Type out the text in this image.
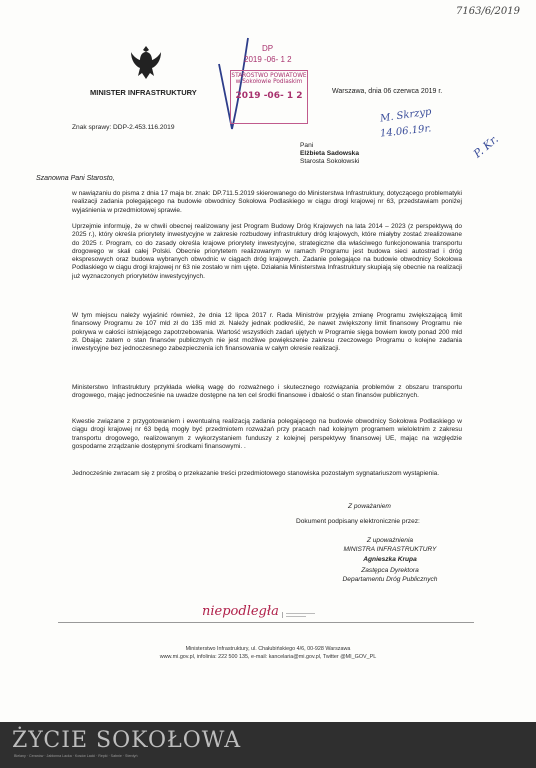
7163/6/2019
MINISTER INFRASTRUKTURY
DP
2019 -06- 1 2
STAROSTWO POWIATOWE
w Sokołowie Podlaskim
2019 -06- 1 2	Warszawa, dnia 06 czerwca 2019 r.
Znak sprawy: DDP-2.453.116.2019
M. Skrzyp
14.06.19r.
P. Kr.
Pani
Elżbieta Sadowska
Starosta Sokołowski
Szanowna Pani Starosto,
w nawiązaniu do pisma z dnia 17 maja br. znak: DP.711.5.2019 skierowanego do Ministerstwa Infrastruktury, dotyczącego problematyki realizacji zadania polegającego na budowie obwodnicy Sokołowa Podlaskiego w ciągu drogi krajowej nr 63, przedstawiam poniżej wyjaśnienia w przedmiotowej sprawie.
Uprzejmie informuję, że w chwili obecnej realizowany jest Program Budowy Dróg Krajowych na lata 2014 – 2023 (z perspektywą do 2025 r.), który określa priorytety inwestycyjne w zakresie rozbudowy infrastruktury dróg krajowych, które miałyby zostać zrealizowane do 2025 r. Program, co do zasady określa krajowe priorytety inwestycyjne, strategiczne dla właściwego funkcjonowania transportu drogowego w skali całej Polski. Obecnie priorytetem realizowanym w ramach Programu jest budowa sieci autostrad i dróg ekspresowych oraz budowa wybranych obwodnic w ciągach dróg krajowych. Zadanie polegające na budowie obwodnicy Sokołowa Podlaskiego w ciągu drogi krajowej nr 63 nie zostało w nim ujęte. Działania Ministerstwa Infrastruktury skupiają się obecnie na realizacji już wyznaczonych priorytetów inwestycyjnych.
W tym miejscu należy wyjaśnić również, że dnia 12 lipca 2017 r. Rada Ministrów przyjęła zmianę Programu zwiększającą limit finansowy Programu ze 107 mld zł do 135 mld zł. Należy jednak podkreślić, że nawet zwiększony limit finansowy Programu nie pokrywa w całości istniejącego zapotrzebowania. Wartość wszystkich zadań ujętych w Programie sięga bowiem kwoty ponad 200 mld zł. Dbając zatem o stan finansów publicznych nie jest możliwe powiększenie zakresu rzeczowego Programu o kolejne zadania inwestycyjne bez jednoczesnego zabezpieczenia ich finansowania w całym okresie realizacji.
Ministerstwo Infrastruktury przykłada wielką wagę do rozważnego i skutecznego rozwiązania problemów z obszaru transportu drogowego, mając jednocześnie na uwadze dostępne na ten cel środki finansowe i dbałość o stan finansów publicznych.
Kwestie związane z przygotowaniem i ewentualną realizacją zadania polegającego na budowie obwodnicy Sokołowa Podlaskiego w ciągu drogi krajowej nr 63 będą mogły być przedmiotem rozważań przy pracach nad kolejnym programem wieloletnim z zakresu transportu drogowego, realizowanym z wykorzystaniem funduszy z kolejnej perspektywy finansowej UE, mając na względzie gospodarne zrządzanie dostępnymi środkami finansowymi. .
Jednocześnie zwracam się z prośbą o przekazanie treści przedmiotowego stanowiska pozostałym sygnatariuszom wystąpienia.
Z poważaniem
Dokument podpisany elektronicznie przez:
Z upoważnienia
MINISTRA INFRASTRUKTURY
Agnieszka Krupa
Zastępca Dyrektora
Departamentu Dróg Publicznych
niepodległa
Ministerstwo Infrastruktury, ul. Chałubińskiego 4/6, 00-928 Warszawa
www.mi.gov.pl, infolinia: 222 500 135, e-mail: kancelaria@mi.gov.pl, Twitter @MI_GOV_PL
ŻYCIE SOKOŁOWA
Bielany · Ceranów · Jabłonna Lacka · Kosów Lacki · Repki · Sabnie · Sterdyń
